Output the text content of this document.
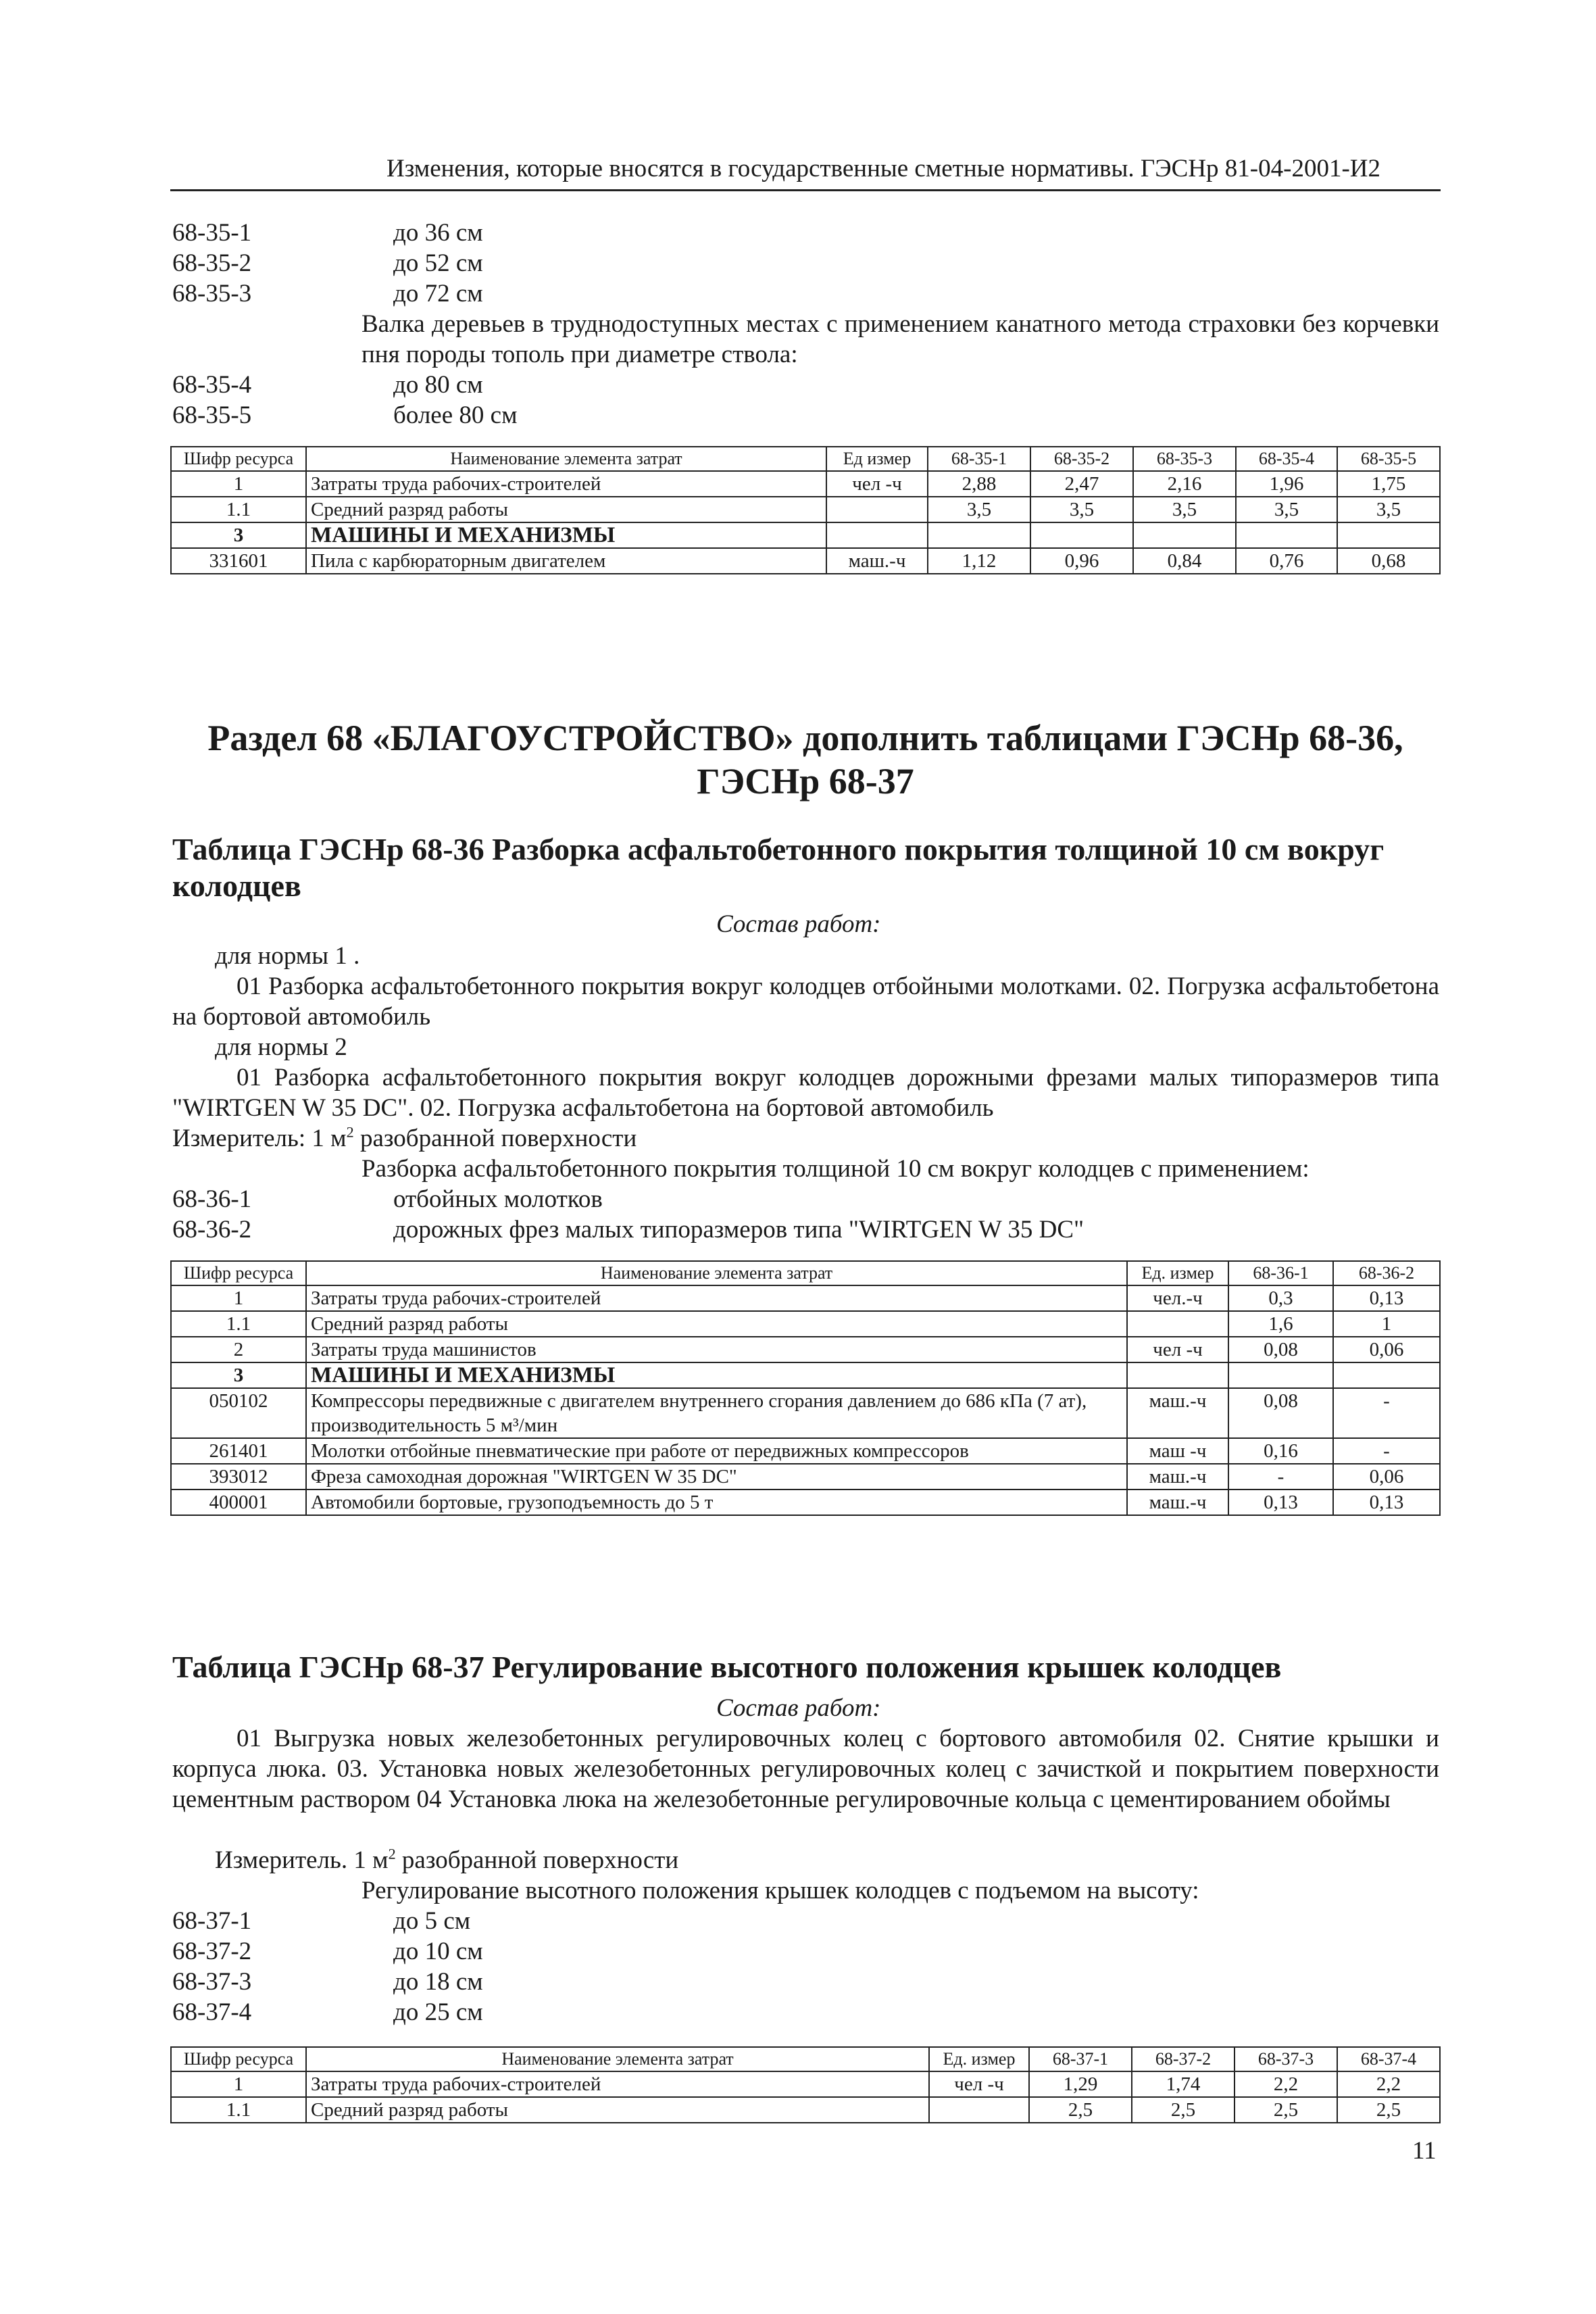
Изменения, которые вносятся в государственные сметные нормативы. ГЭСНр 81-04-2001-И2
68-35-1	до 36 см
68-35-2	до 52 см
68-35-3	до 72 см
Валка деревьев в труднодоступных местах с применением канатного метода страховки без корчевки пня породы тополь при диаметре ствола:
68-35-4	до 80 см
68-35-5	более 80 см
Шифр ресурса	Наименование элемента затрат	Ед измер	68-35-1	68-35-2	68-35-3	68-35-4	68-35-5
1	Затраты труда рабочих-строителей	чел -ч	2,88	2,47	2,16	1,96	1,75
1.1	Средний разряд работы		3,5	3,5	3,5	3,5	3,5
3	МАШИНЫ И МЕХАНИЗМЫ						
331601	Пила с карбюраторным двигателем	маш.-ч	1,12	0,96	0,84	0,76	0,68
Раздел 68 «БЛАГОУСТРОЙСТВО» дополнить таблицами ГЭСНр 68-36, ГЭСНр 68-37
Таблица ГЭСНр 68-36 Разборка асфальтобетонного покрытия толщиной 10 см вокруг колодцев
Состав работ:
для нормы 1 .
01 Разборка асфальтобетонного покрытия вокруг колодцев отбойными молотками. 02. Погрузка асфальтобетона на бортовой автомобиль
для нормы 2
01 Разборка асфальтобетонного покрытия вокруг колодцев дорожными фрезами малых типоразмеров типа "WIRTGEN W 35 DC". 02. Погрузка асфальтобетона на бортовой автомобиль
Измеритель: 1 $м^2$ разобранной поверхности
Разборка асфальтобетонного покрытия толщиной 10 см вокруг колодцев с применением:
68-36-1	отбойных молотков
68-36-2	дорожных фрез малых типоразмеров типа "WIRTGEN W 35 DC"
Шифр ресурса	Наименование элемента затрат	Ед. измер	68-36-1	68-36-2
1	Затраты труда рабочих-строителей	чел.-ч	0,3	0,13
1.1	Средний разряд работы		1,6	1
2	Затраты труда машинистов	чел -ч	0,08	0,06
3	МАШИНЫ И МЕХАНИЗМЫ			
050102	Компрессоры передвижные с двигателем внутреннего сгорания давлением до 686 кПа (7 ат), производительность 5 м³/мин	маш.-ч	0,08	-
261401	Молотки отбойные пневматические при работе от передвижных компрессоров	маш -ч	0,16	-
393012	Фреза самоходная дорожная "WIRTGEN W 35 DC"	маш.-ч	-	0,06
400001	Автомобили бортовые, грузоподъемность до 5 т	маш.-ч	0,13	0,13
Таблица ГЭСНр 68-37 Регулирование высотного положения крышек колодцев
Состав работ:
01 Выгрузка новых железобетонных регулировочных колец с бортового автомобиля 02. Снятие крышки и корпуса люка. 03. Установка новых железобетонных регулировочных колец с зачисткой и покрытием поверхности цементным раствором 04 Установка люка на железобетонные регулировочные кольца с цементированием обоймы
Измеритель. 1 $м^2$ разобранной поверхности
Регулирование высотного положения крышек колодцев с подъемом на высоту:
68-37-1	до 5 см
68-37-2	до 10 см
68-37-3	до 18 см
68-37-4	до 25 см
Шифр ресурса	Наименование элемента затрат	Ед. измер	68-37-1	68-37-2	68-37-3	68-37-4
1	Затраты труда рабочих-строителей	чел -ч	1,29	1,74	2,2	2,2
1.1	Средний разряд работы		2,5	2,5	2,5	2,5
11
